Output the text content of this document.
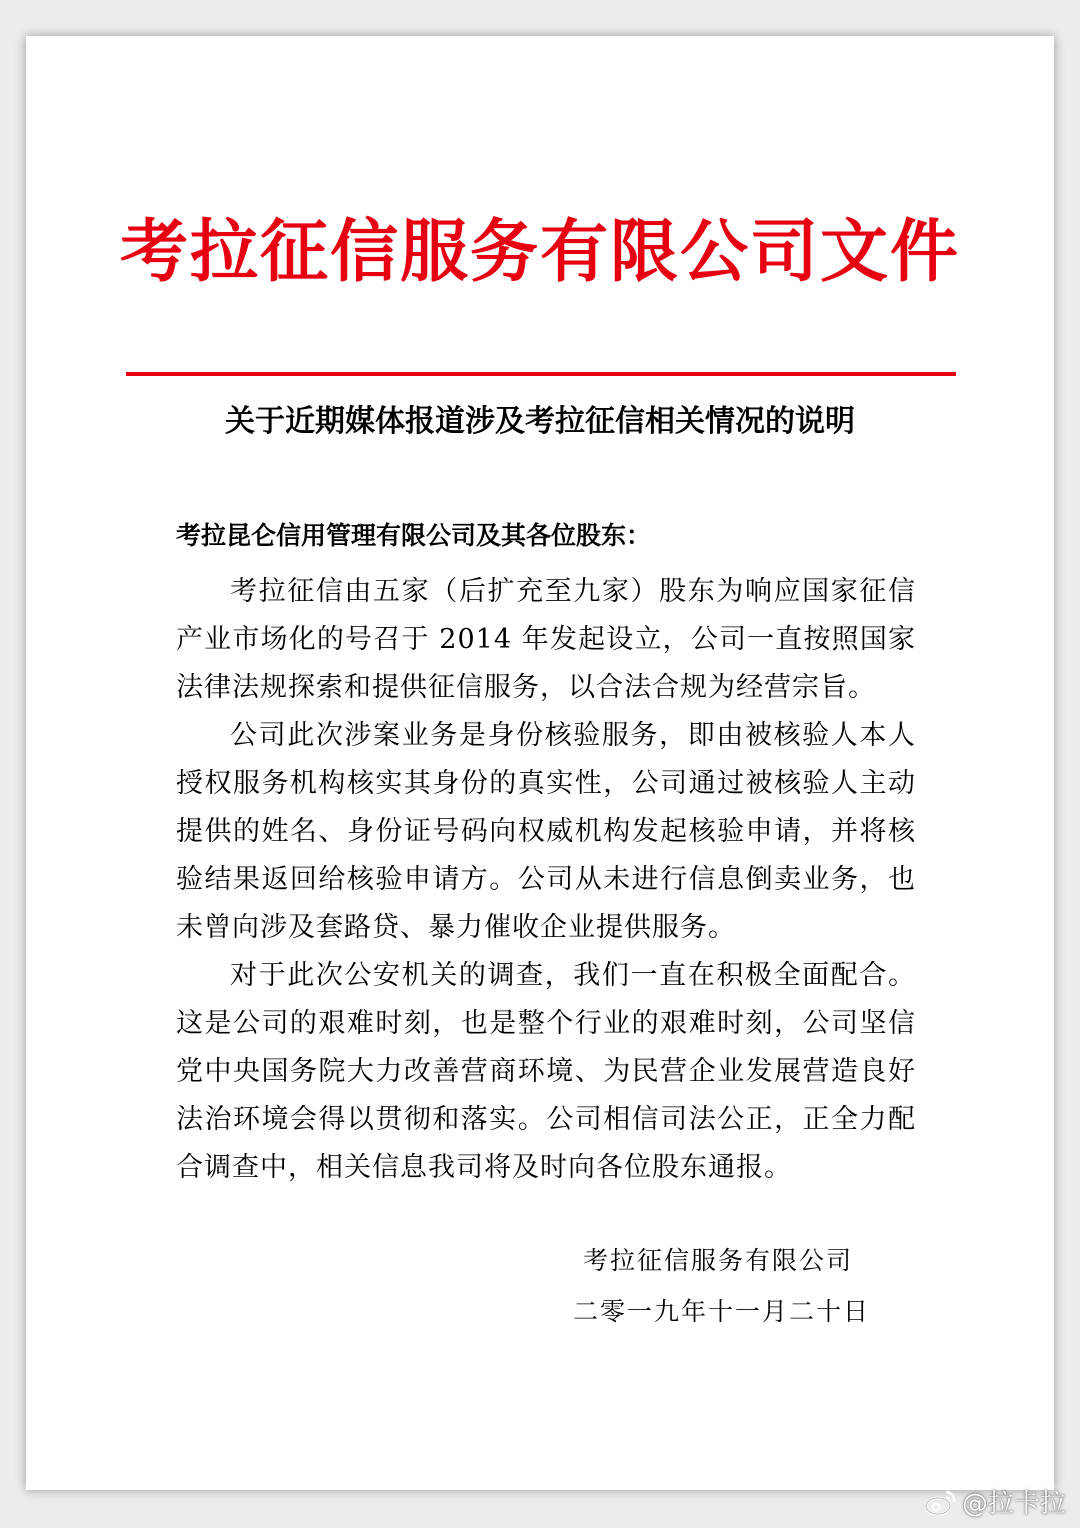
考拉征信服务有限公司文件
关于近期媒体报道涉及考拉征信相关情况的说明
考拉昆仑信用管理有限公司及其各位股东：

考拉征信由五家（后扩充至九家）股东为响应国家征信产业市场化的号召于 2014 年发起设立，公司一直按照国家法律法规探索和提供征信服务，以合法合规为经营宗旨。

公司此次涉案业务是身份核验服务，即由被核验人本人授权服务机构核实其身份的真实性，公司通过被核验人主动提供的姓名、身份证号码向权威机构发起核验申请，并将核验结果返回给核验申请方。公司从未进行信息倒卖业务，也未曾向涉及套路贷、暴力催收企业提供服务。

对于此次公安机关的调查，我们一直在积极全面配合。这是公司的艰难时刻，也是整个行业的艰难时刻，公司坚信党中央国务院大力改善营商环境、为民营企业发展营造良好法治环境会得以贯彻和落实。公司相信司法公正，正全力配合调查中，相关信息我司将及时向各位股东通报。

考拉征信服务有限公司
二零一九年十一月二十日
@拉卡拉
